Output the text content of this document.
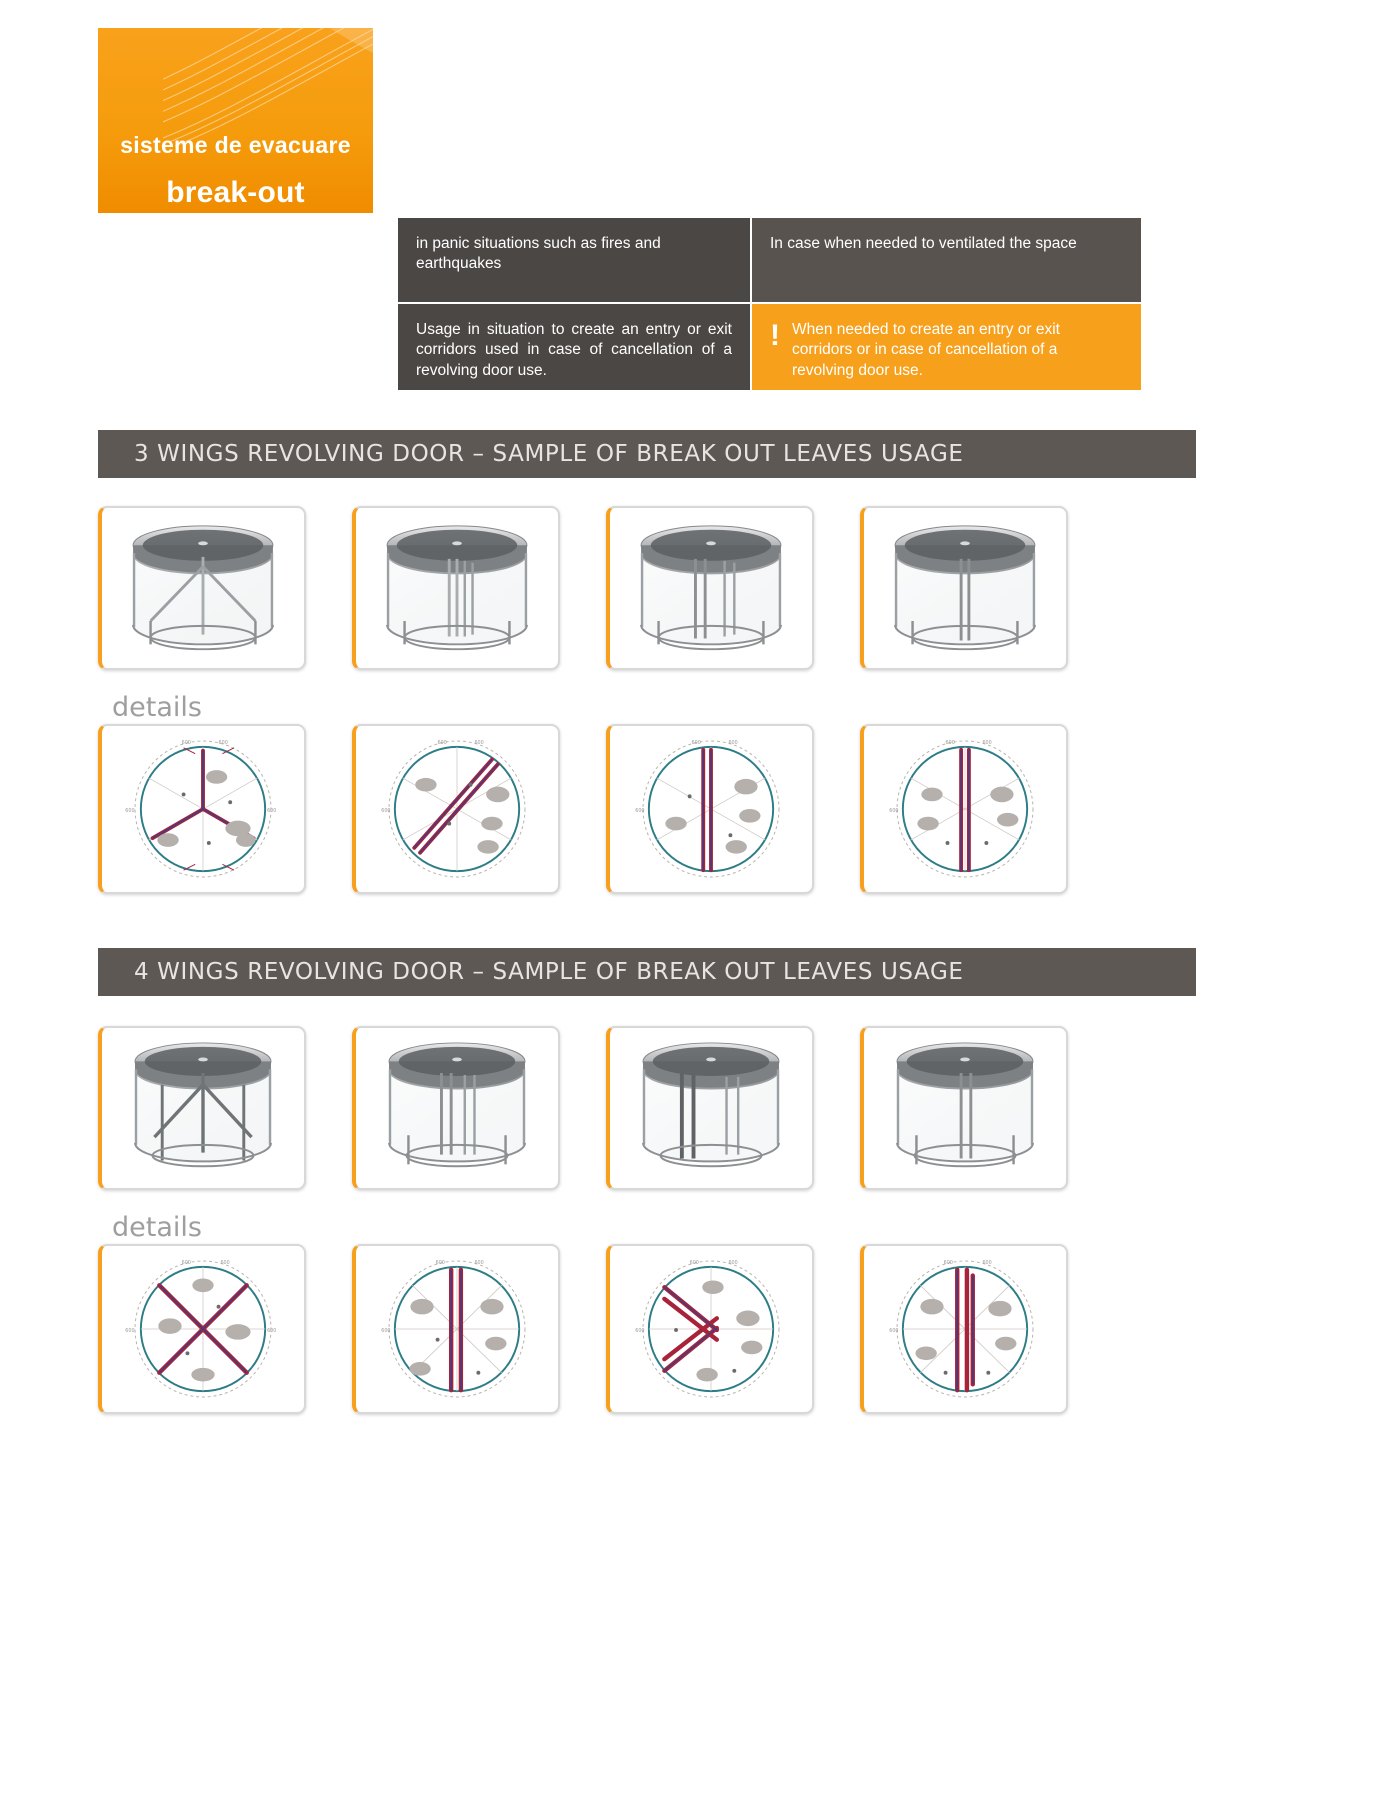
sisteme de evacuare
break-out
in panic situations such as fires and earthquakes
In case when needed to ventilated the space
Usage in situation to create an entry or exit corridors used in case of cancellation of a revolving door use.
! When needed to create an entry or exit corridors or in case of cancellation of a revolving door use.
3 WINGS REVOLVING DOOR – SAMPLE OF BREAK OUT LEAVES USAGE
details
600	600
600	600
600	600
600
600	600
600
600	600
600
4 WINGS REVOLVING DOOR – SAMPLE OF BREAK OUT LEAVES USAGE
details
600	600
600	600
600	600
600
600	600
600
600	600
600
